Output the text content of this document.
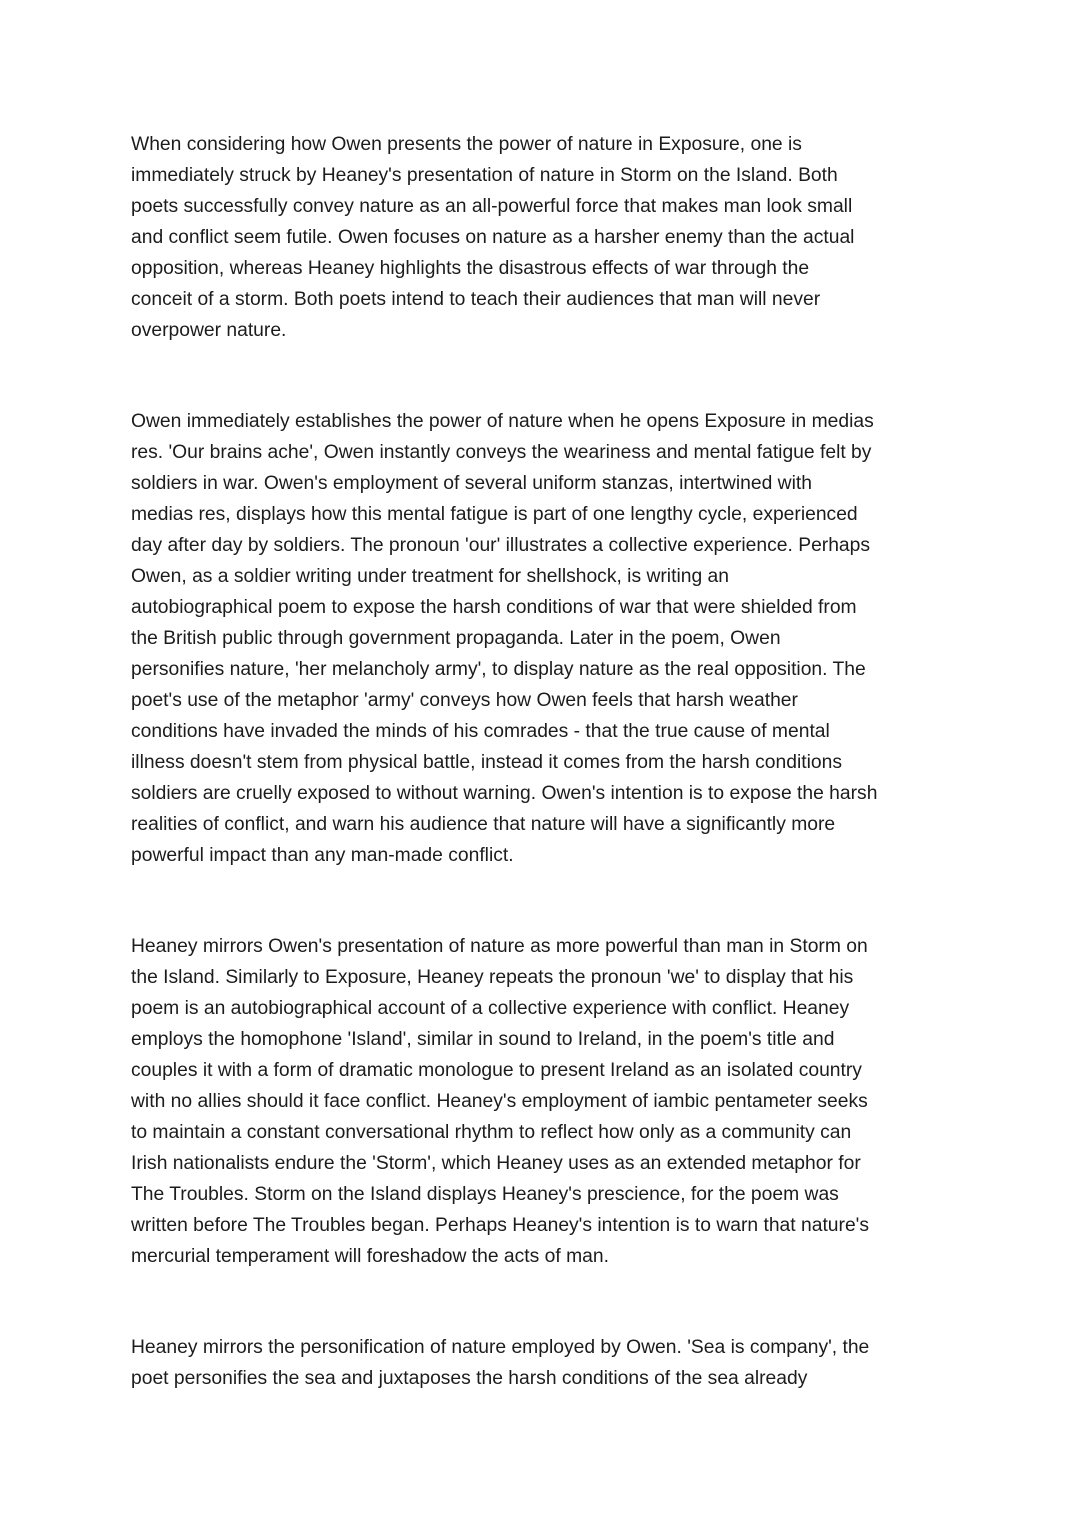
When considering how Owen presents the power of nature in Exposure, one is
immediately struck by Heaney's presentation of nature in Storm on the Island. Both
poets successfully convey nature as an all-powerful force that makes man look small
and conflict seem futile. Owen focuses on nature as a harsher enemy than the actual
opposition, whereas Heaney highlights the disastrous effects of war through the
conceit of a storm. Both poets intend to teach their audiences that man will never
overpower nature.

Owen immediately establishes the power of nature when he opens Exposure in medias
res. 'Our brains ache', Owen instantly conveys the weariness and mental fatigue felt by
soldiers in war. Owen's employment of several uniform stanzas, intertwined with
medias res, displays how this mental fatigue is part of one lengthy cycle, experienced
day after day by soldiers. The pronoun 'our' illustrates a collective experience. Perhaps
Owen, as a soldier writing under treatment for shellshock, is writing an
autobiographical poem to expose the harsh conditions of war that were shielded from
the British public through government propaganda. Later in the poem, Owen
personifies nature, 'her melancholy army', to display nature as the real opposition. The
poet's use of the metaphor 'army' conveys how Owen feels that harsh weather
conditions have invaded the minds of his comrades - that the true cause of mental
illness doesn't stem from physical battle, instead it comes from the harsh conditions
soldiers are cruelly exposed to without warning. Owen's intention is to expose the harsh
realities of conflict, and warn his audience that nature will have a significantly more
powerful impact than any man-made conflict.

Heaney mirrors Owen's presentation of nature as more powerful than man in Storm on
the Island. Similarly to Exposure, Heaney repeats the pronoun 'we' to display that his
poem is an autobiographical account of a collective experience with conflict. Heaney
employs the homophone 'Island', similar in sound to Ireland, in the poem's title and
couples it with a form of dramatic monologue to present Ireland as an isolated country
with no allies should it face conflict. Heaney's employment of iambic pentameter seeks
to maintain a constant conversational rhythm to reflect how only as a community can
Irish nationalists endure the 'Storm', which Heaney uses as an extended metaphor for
The Troubles. Storm on the Island displays Heaney's prescience, for the poem was
written before The Troubles began. Perhaps Heaney's intention is to warn that nature's
mercurial temperament will foreshadow the acts of man.

Heaney mirrors the personification of nature employed by Owen. 'Sea is company', the
poet personifies the sea and juxtaposes the harsh conditions of the sea already
